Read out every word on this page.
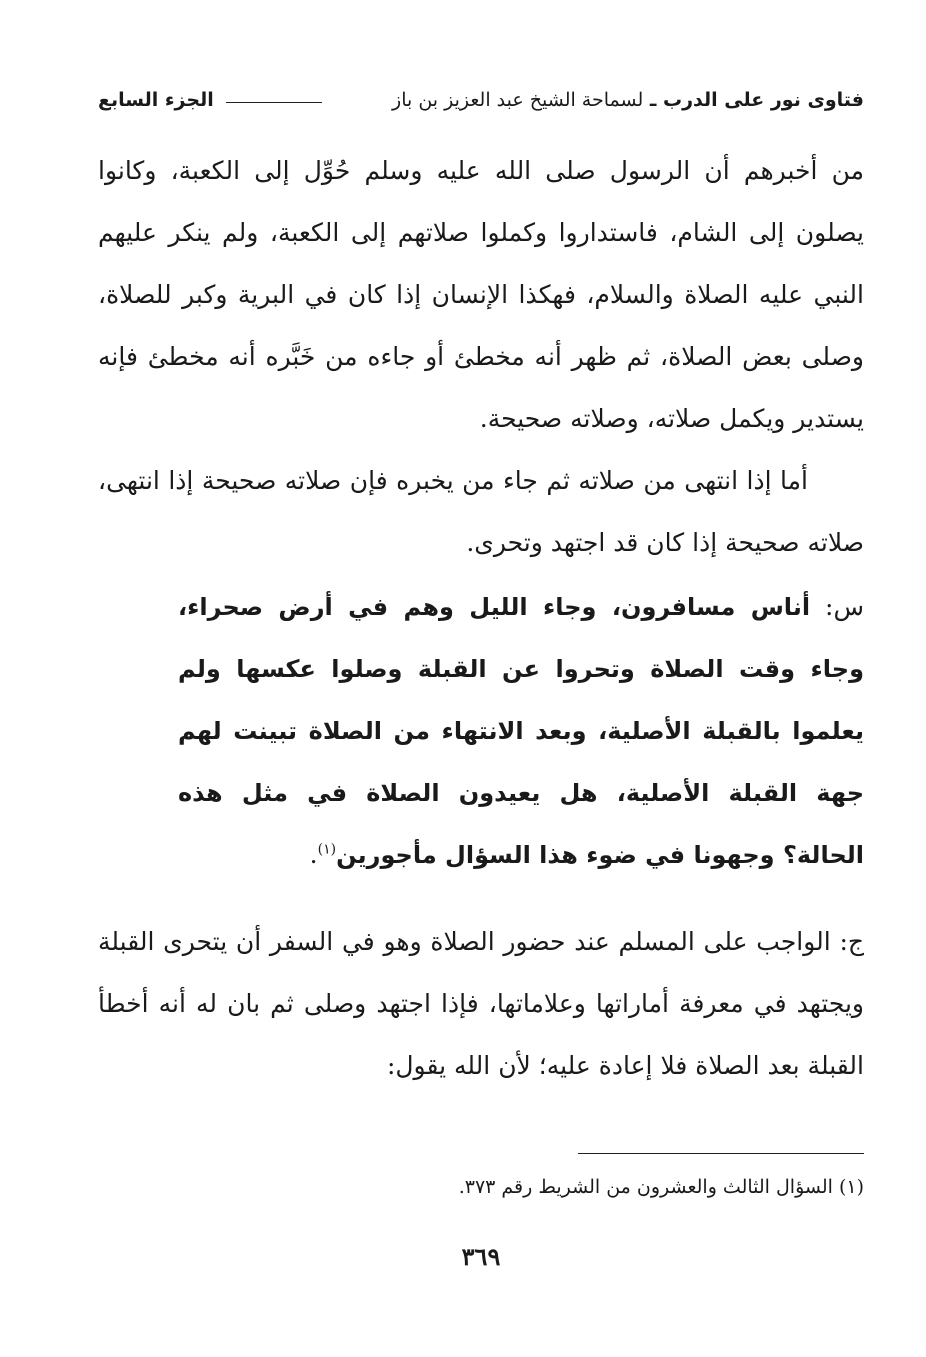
فتاوى نور على الدرب ـ لسماحة الشيخ عبد العزيز بن باز
الجزء السابع

من أخبرهم أن الرسول صلى الله عليه وسلم حُوِّل إلى الكعبة، وكانوا يصلون إلى الشام، فاستداروا وكملوا صلاتهم إلى الكعبة، ولم ينكر عليهم النبي عليه الصلاة والسلام، فهكذا الإنسان إذا كان في البرية وكبر للصلاة، وصلى بعض الصلاة، ثم ظهر أنه مخطئ أو جاءه من خَبَّره أنه مخطئ فإنه يستدير ويكمل صلاته، وصلاته صحيحة.

أما إذا انتهى من صلاته ثم جاء من يخبره فإن صلاته صحيحة إذا انتهى، صلاته صحيحة إذا كان قد اجتهد وتحرى.

س: أناس مسافرون، وجاء الليل وهم في أرض صحراء، وجاء وقت الصلاة وتحروا عن القبلة وصلوا عكسها ولم يعلموا بالقبلة الأصلية، وبعد الانتهاء من الصلاة تبينت لهم جهة القبلة الأصلية، هل يعيدون الصلاة في مثل هذه الحالة؟ وجهونا في ضوء هذا السؤال مأجورين$^{(١)}$.

ج: الواجب على المسلم عند حضور الصلاة وهو في السفر أن يتحرى القبلة ويجتهد في معرفة أماراتها وعلاماتها، فإذا اجتهد وصلى ثم بان له أنه أخطأ القبلة بعد الصلاة فلا إعادة عليه؛ لأن الله يقول:

(١) السؤال الثالث والعشرون من الشريط رقم ٣٧٣.
٣٦٩
